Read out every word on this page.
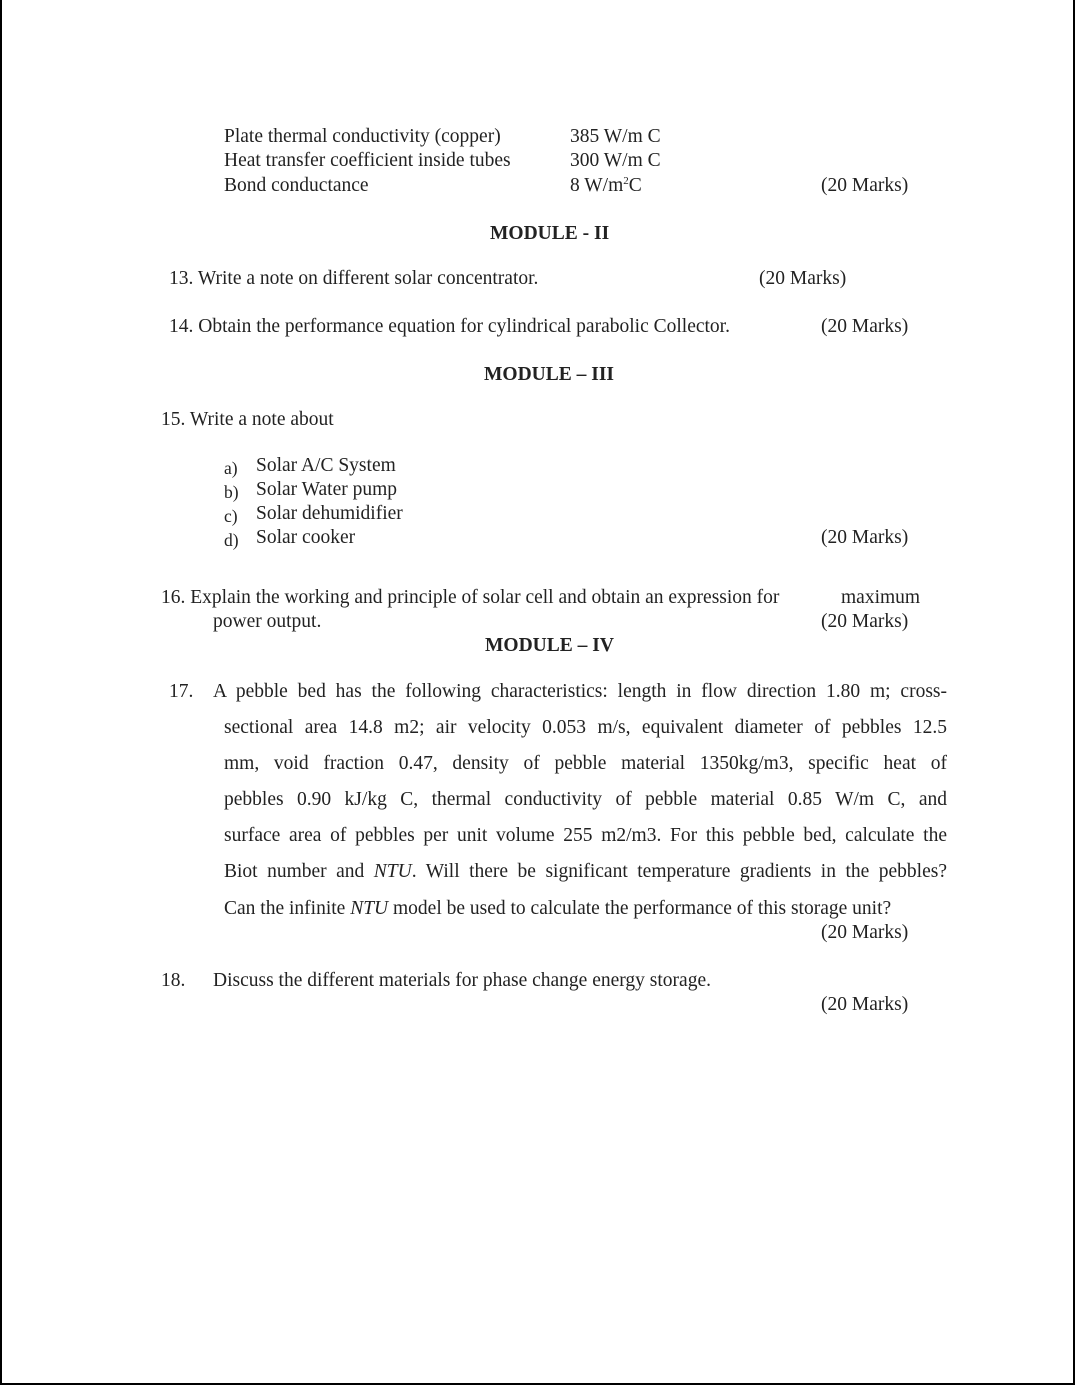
Plate thermal conductivity (copper)	385 W/m C
Heat transfer coefficient inside tubes	300 W/m C
Bond conductance	8 $W/m^2C$	(20 Marks)
MODULE - II
13. Write a note on different solar concentrator.	(20 Marks)
14. Obtain the performance equation for cylindrical parabolic Collector.	(20 Marks)
MODULE – III
15. Write a note about
a) Solar A/C System
b) Solar Water pump
c) Solar dehumidifier
d) Solar cooker	(20 Marks)
16. Explain the working and principle of solar cell and obtain an expression for	maximum
power output.	(20 Marks)
MODULE – IV
17. A pebble bed has the following characteristics: length in flow direction 1.80 m; cross-
sectional area 14.8 m2; air velocity 0.053 m/s, equivalent diameter of pebbles 12.5
mm, void fraction 0.47, density of pebble material 1350kg/m3, specific heat of
pebbles 0.90 kJ/kg C, thermal conductivity of pebble material 0.85 W/m C, and
surface area of pebbles per unit volume 255 m2/m3. For this pebble bed, calculate the
Biot number and NTU. Will there be significant temperature gradients in the pebbles?
Can the infinite NTU model be used to calculate the performance of this storage unit?
(20 Marks)
18. Discuss the different materials for phase change energy storage.
(20 Marks)
